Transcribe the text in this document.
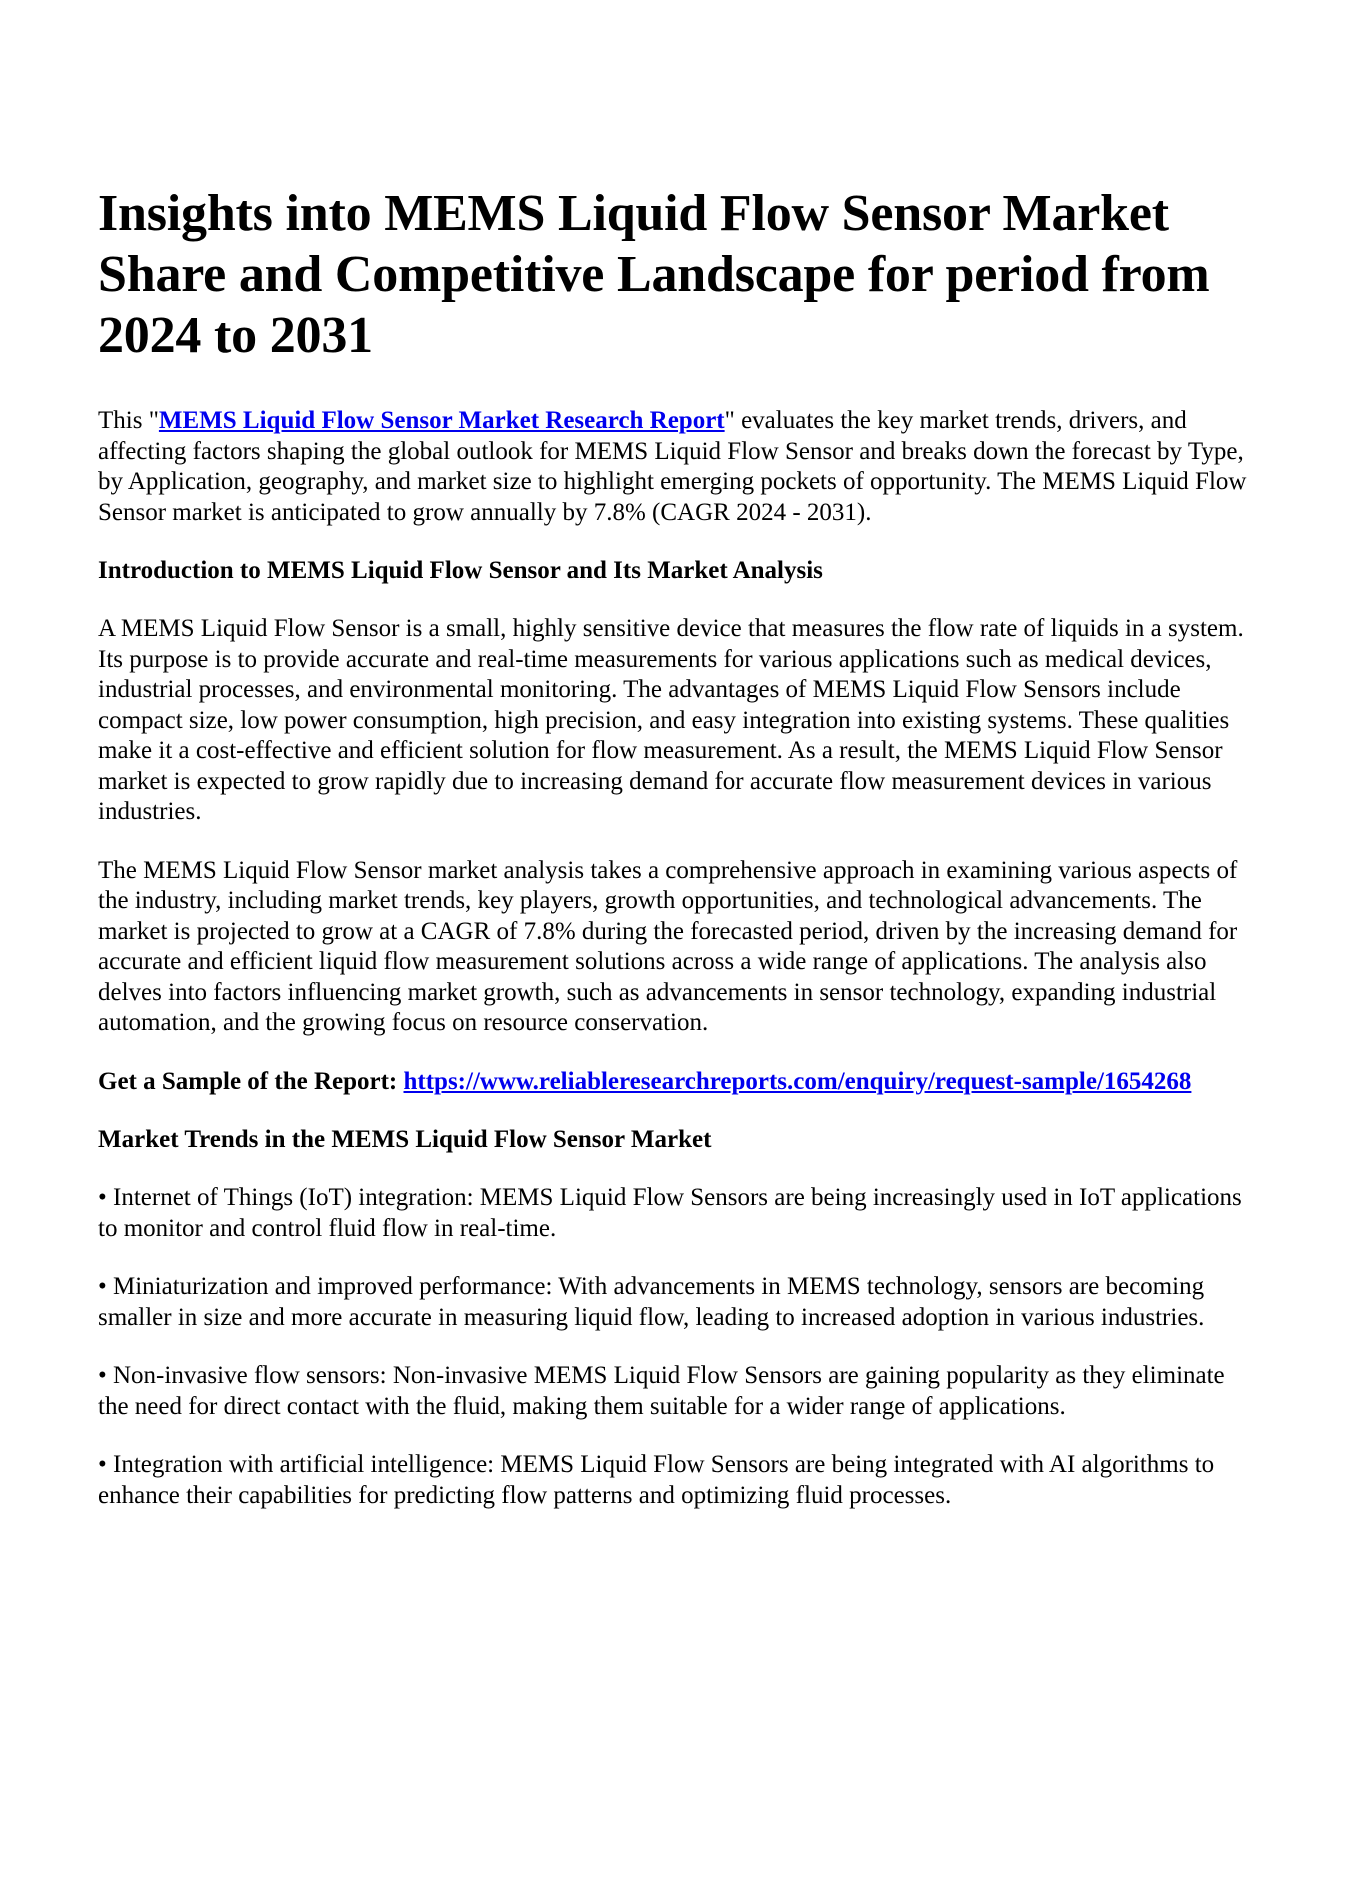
Insights into MEMS Liquid Flow Sensor Market Share and Competitive Landscape for period from 2024 to 2031

This "MEMS Liquid Flow Sensor Market Research Report" evaluates the key market trends, drivers, and affecting factors shaping the global outlook for MEMS Liquid Flow Sensor and breaks down the forecast by Type, by Application, geography, and market size to highlight emerging pockets of opportunity. The MEMS Liquid Flow Sensor market is anticipated to grow annually by 7.8% (CAGR 2024 - 2031).

Introduction to MEMS Liquid Flow Sensor and Its Market Analysis

A MEMS Liquid Flow Sensor is a small, highly sensitive device that measures the flow rate of liquids in a system. Its purpose is to provide accurate and real-time measurements for various applications such as medical devices, industrial processes, and environmental monitoring. The advantages of MEMS Liquid Flow Sensors include compact size, low power consumption, high precision, and easy integration into existing systems. These qualities make it a cost-effective and efficient solution for flow measurement. As a result, the MEMS Liquid Flow Sensor market is expected to grow rapidly due to increasing demand for accurate flow measurement devices in various industries.

The MEMS Liquid Flow Sensor market analysis takes a comprehensive approach in examining various aspects of the industry, including market trends, key players, growth opportunities, and technological advancements. The market is projected to grow at a CAGR of 7.8% during the forecasted period, driven by the increasing demand for accurate and efficient liquid flow measurement solutions across a wide range of applications. The analysis also delves into factors influencing market growth, such as advancements in sensor technology, expanding industrial automation, and the growing focus on resource conservation.

Get a Sample of the Report: https://www.reliableresearchreports.com/enquiry/request-sample/1654268

Market Trends in the MEMS Liquid Flow Sensor Market

• Internet of Things (IoT) integration: MEMS Liquid Flow Sensors are being increasingly used in IoT applications to monitor and control fluid flow in real-time.

• Miniaturization and improved performance: With advancements in MEMS technology, sensors are becoming smaller in size and more accurate in measuring liquid flow, leading to increased adoption in various industries.

• Non-invasive flow sensors: Non-invasive MEMS Liquid Flow Sensors are gaining popularity as they eliminate the need for direct contact with the fluid, making them suitable for a wider range of applications.

• Integration with artificial intelligence: MEMS Liquid Flow Sensors are being integrated with AI algorithms to enhance their capabilities for predicting flow patterns and optimizing fluid processes.
